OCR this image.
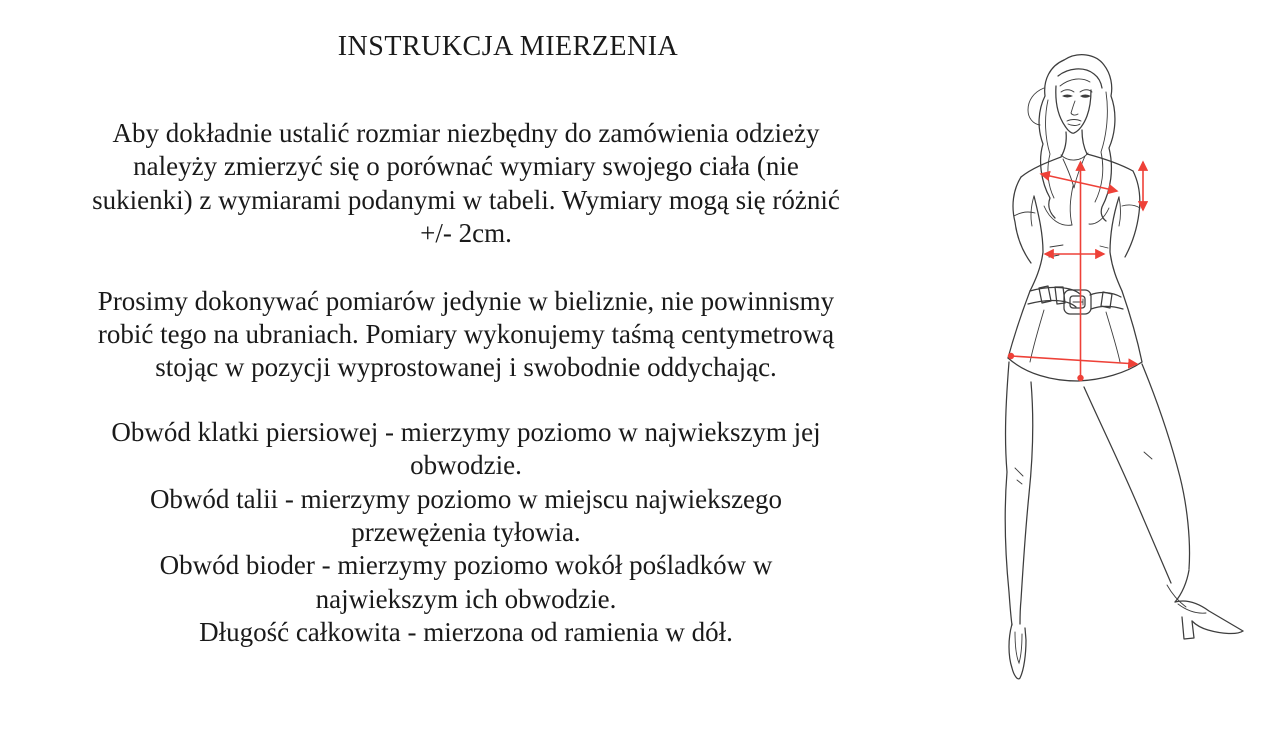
INSTRUKCJA MIERZENIA

Aby dokładnie ustalić rozmiar niezbędny do zamówienia odzieży
naleyży zmierzyć się o porównać wymiary swojego ciała (nie
sukienki) z wymiarami podanymi w tabeli. Wymiary mogą się różnić
+/- 2cm.

Prosimy dokonywać pomiarów jedynie w bieliznie, nie powinnismy
robić tego na ubraniach. Pomiary wykonujemy taśmą centymetrową
stojąc w pozycji wyprostowanej i swobodnie oddychając.

Obwód klatki piersiowej - mierzymy poziomo w najwiekszym jej
obwodzie.
Obwód talii - mierzymy poziomo w miejscu najwiekszego
przewężenia tyłowia.
Obwód bioder - mierzymy poziomo wokół pośladków w
najwiekszym ich obwodzie.
Długość całkowita - mierzona od ramienia w dół.
